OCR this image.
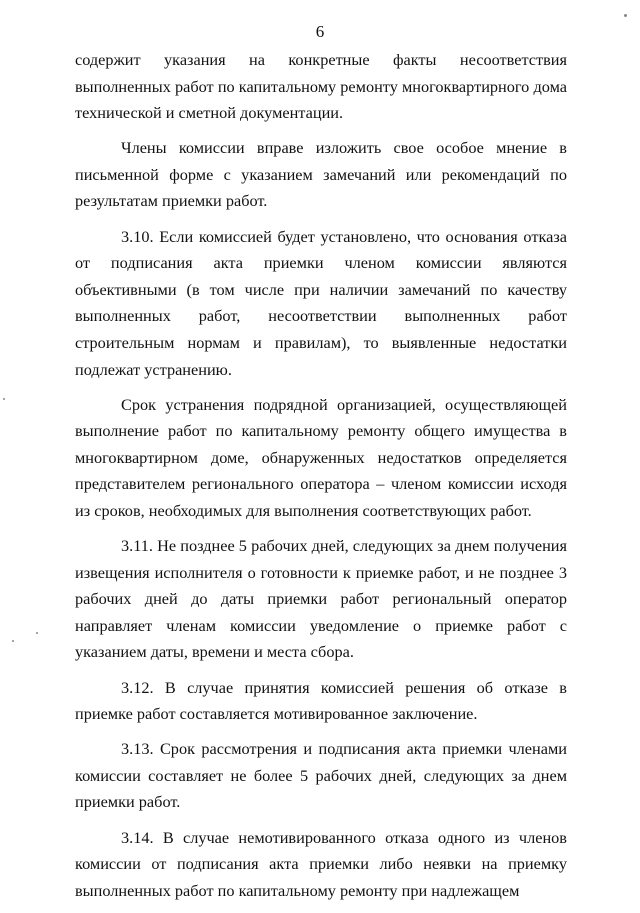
6

содержит указания на конкретные факты несоответствия выполненных работ по капитальному ремонту многоквартирного дома технической и сметной документации.

Члены комиссии вправе изложить свое особое мнение в письменной форме с указанием замечаний или рекомендаций по результатам приемки работ.

3.10. Если комиссией будет установлено, что основания отказа от подписания акта приемки членом комиссии являются объективными (в том числе при наличии замечаний по качеству выполненных работ, несоответствии выполненных работ строительным нормам и правилам), то выявленные недостатки подлежат устранению.

Срок устранения подрядной организацией, осуществляющей выполнение работ по капитальному ремонту общего имущества в многоквартирном доме, обнаруженных недостатков определяется представителем регионального оператора – членом комиссии исходя из сроков, необходимых для выполнения соответствующих работ.

3.11. Не позднее 5 рабочих дней, следующих за днем получения извещения исполнителя о готовности к приемке работ, и не позднее 3 рабочих дней до даты приемки работ региональный оператор направляет членам комиссии уведомление о приемке работ с указанием даты, времени и места сбора.

3.12. В случае принятия комиссией решения об отказе в приемке работ составляется мотивированное заключение.

3.13. Срок рассмотрения и подписания акта приемки членами комиссии составляет не более 5 рабочих дней, следующих за днем приемки работ.

3.14. В случае немотивированного отказа одного из членов комиссии от подписания акта приемки либо неявки на приемку выполненных работ по капитальному ремонту при надлежащем
